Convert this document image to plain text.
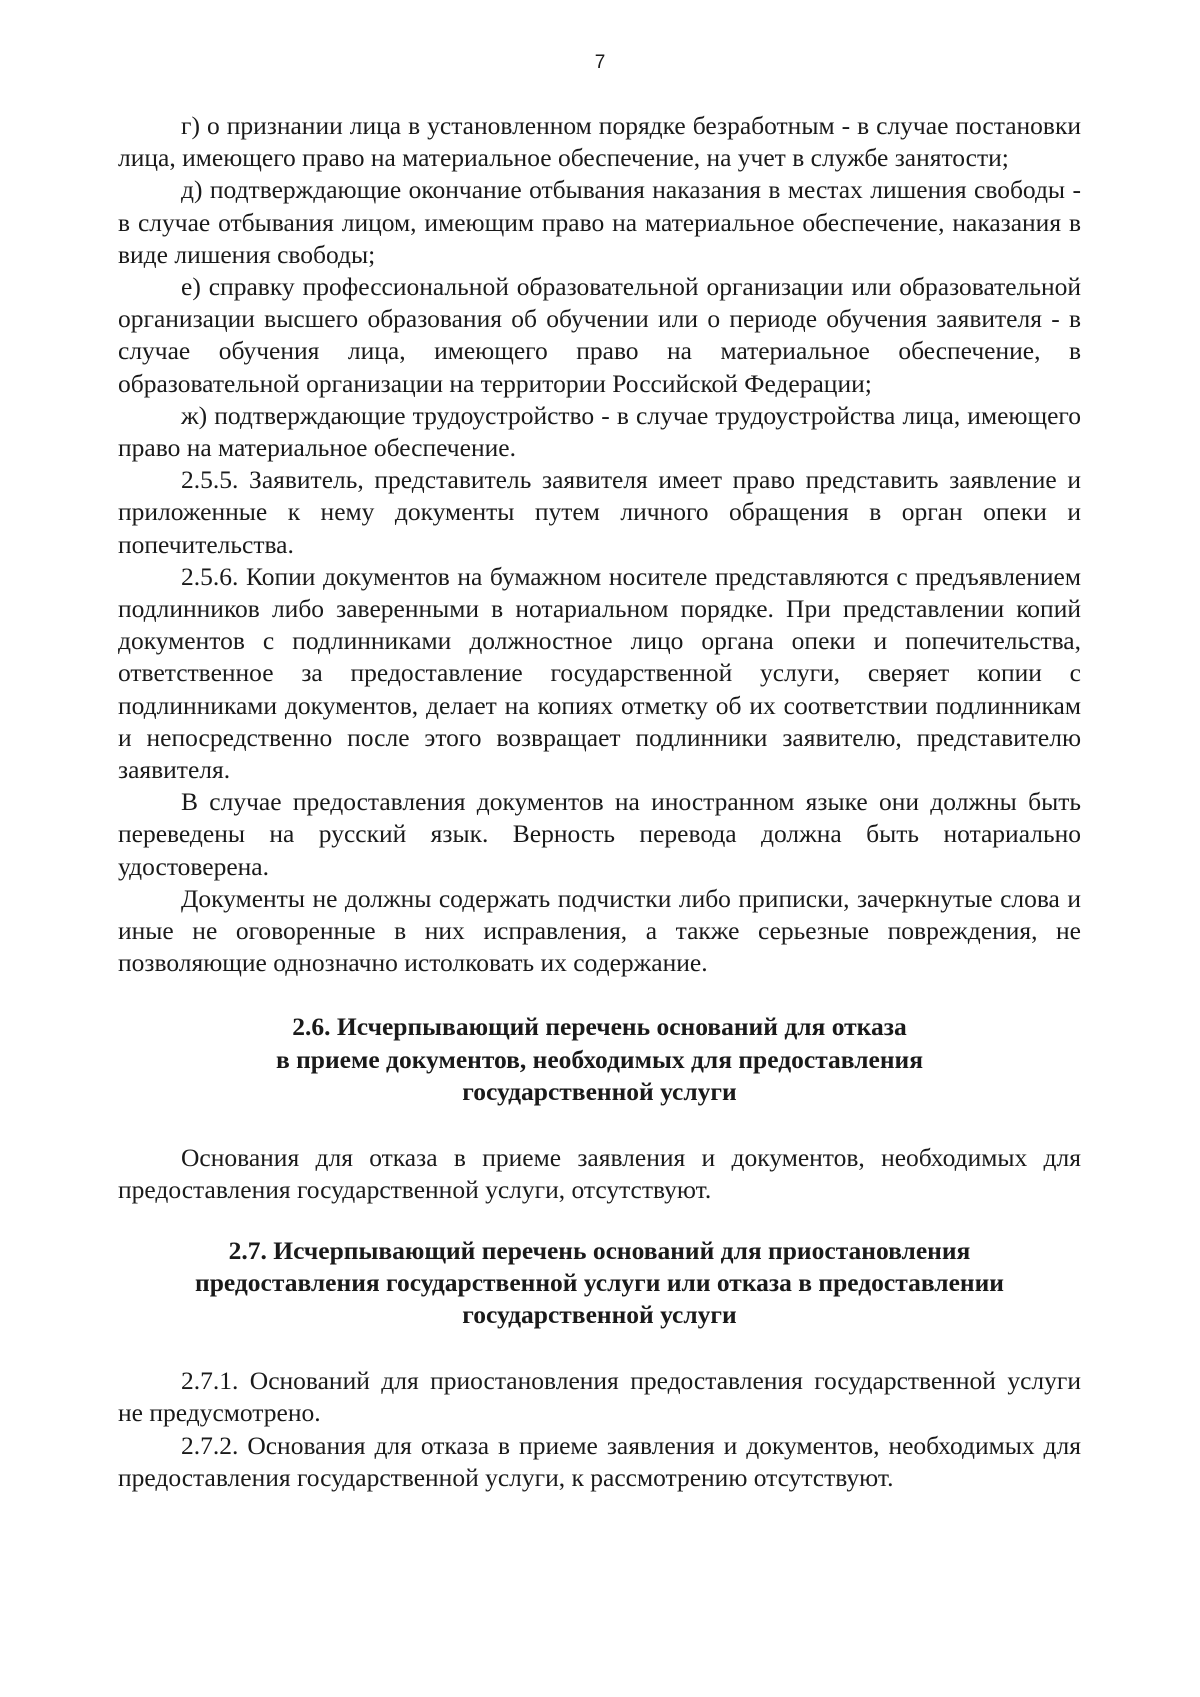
7

г) о признании лица в установленном порядке безработным - в случае постановки лица, имеющего право на материальное обеспечение, на учет в службе занятости;

д) подтверждающие окончание отбывания наказания в местах лишения свободы - в случае отбывания лицом, имеющим право на материальное обеспечение, наказания в виде лишения свободы;

е) справку профессиональной образовательной организации или образовательной организации высшего образования об обучении или о периоде обучения заявителя - в случае обучения лица, имеющего право на материальное обеспечение, в образовательной организации на территории Российской Федерации;

ж) подтверждающие трудоустройство - в случае трудоустройства лица, имеющего право на материальное обеспечение.

2.5.5. Заявитель, представитель заявителя имеет право представить заявление и приложенные к нему документы путем личного обращения в орган опеки и попечительства.

2.5.6. Копии документов на бумажном носителе представляются с предъявлением подлинников либо заверенными в нотариальном порядке. При представлении копий документов с подлинниками должностное лицо органа опеки и попечительства, ответственное за предоставление государственной услуги, сверяет копии с подлинниками документов, делает на копиях отметку об их соответствии подлинникам и непосредственно после этого возвращает подлинники заявителю, представителю заявителя.

В случае предоставления документов на иностранном языке они должны быть переведены на русский язык. Верность перевода должна быть нотариально удостоверена.

Документы не должны содержать подчистки либо приписки, зачеркнутые слова и иные не оговоренные в них исправления, а также серьезные повреждения, не позволяющие однозначно истолковать их содержание.

2.6. Исчерпывающий перечень оснований для отказа
в приеме документов, необходимых для предоставления
государственной услуги

Основания для отказа в приеме заявления и документов, необходимых для предоставления государственной услуги, отсутствуют.

2.7. Исчерпывающий перечень оснований для приостановления
предоставления государственной услуги или отказа в предоставлении
государственной услуги

2.7.1. Оснований для приостановления предоставления государственной услуги не предусмотрено.

2.7.2. Основания для отказа в приеме заявления и документов, необходимых для предоставления государственной услуги, к рассмотрению отсутствуют.
